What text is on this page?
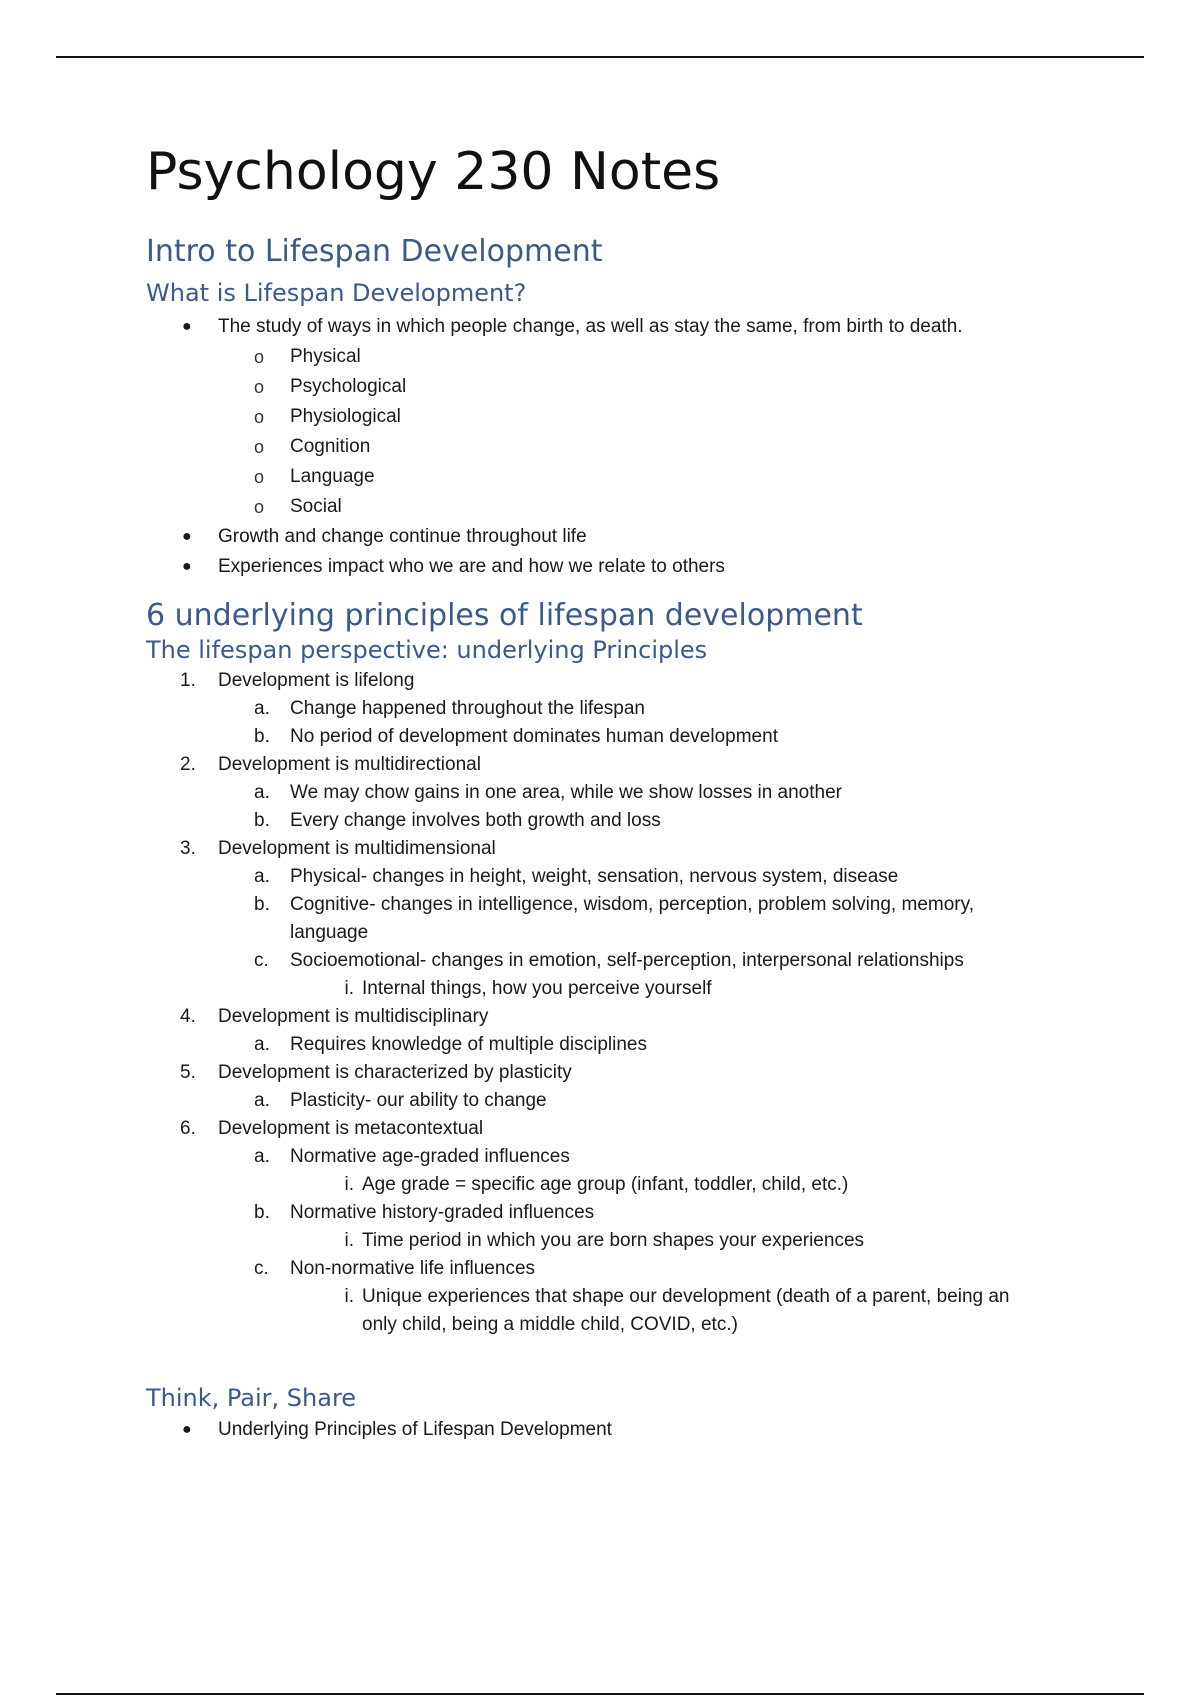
Psychology 230 Notes
Intro to Lifespan Development
What is Lifespan Development?
●	The study of ways in which people change, as well as stay the same, from birth to death.
o	Physical
o	Psychological
o	Physiological
o	Cognition
o	Language
o	Social
●	Growth and change continue throughout life
●	Experiences impact who we are and how we relate to others
6 underlying principles of lifespan development
The lifespan perspective: underlying Principles
1.	Development is lifelong
a.	Change happened throughout the lifespan
b.	No period of development dominates human development
2.	Development is multidirectional
a.	We may chow gains in one area, while we show losses in another
b.	Every change involves both growth and loss
3.	Development is multidimensional
a.	Physical- changes in height, weight, sensation, nervous system, disease
b.	Cognitive- changes in intelligence, wisdom, perception, problem solving, memory, language
c.	Socioemotional- changes in emotion, self-perception, interpersonal relationships
i. Internal things, how you perceive yourself
4.	Development is multidisciplinary
a.	Requires knowledge of multiple disciplines
5.	Development is characterized by plasticity
a.	Plasticity- our ability to change
6.	Development is metacontextual
a.	Normative age-graded influences
i. Age grade = specific age group (infant, toddler, child, etc.)
b.	Normative history-graded influences
i. Time period in which you are born shapes your experiences
c.	Non-normative life influences
i. Unique experiences that shape our development (death of a parent, being an only child, being a middle child, COVID, etc.)
Think, Pair, Share
●	Underlying Principles of Lifespan Development
